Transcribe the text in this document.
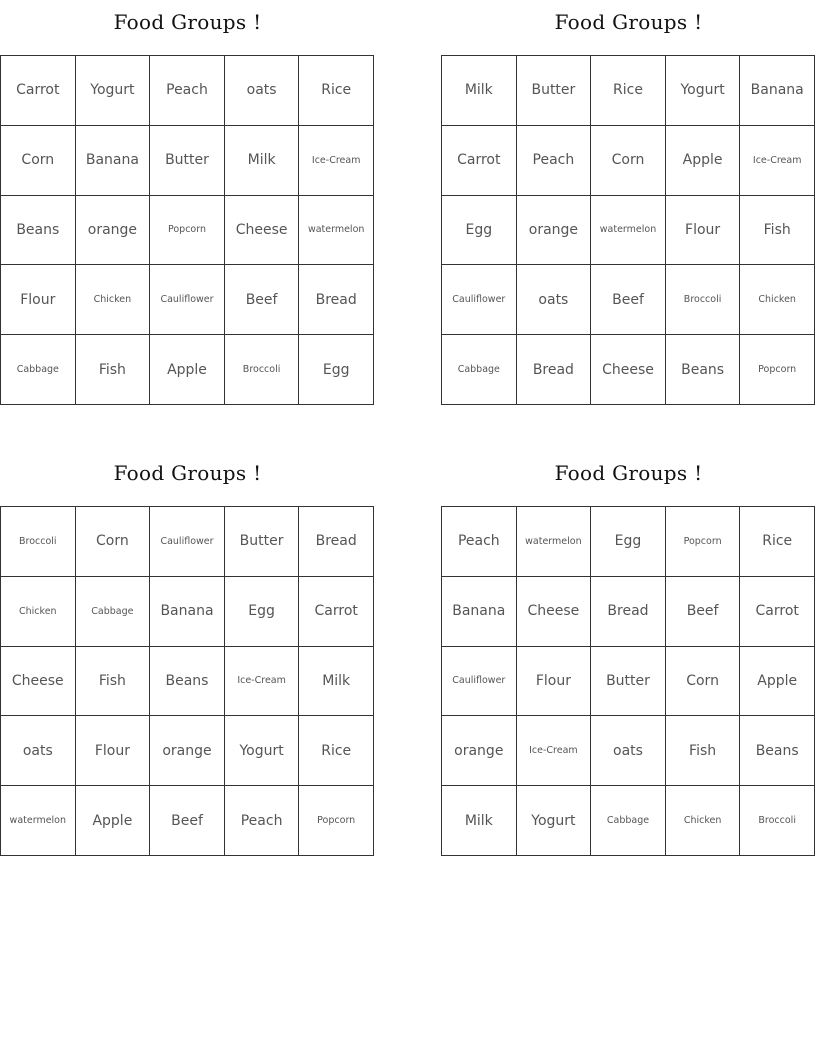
Food Groups !
Carrot	Yogurt	Peach	oats	Rice
Corn	Banana	Butter	Milk	Ice-Cream
Beans	orange	Popcorn	Cheese	watermelon
Flour	Chicken	Cauliflower	Beef	Bread
Cabbage	Fish	Apple	Broccoli	Egg
Food Groups !
Milk	Butter	Rice	Yogurt	Banana
Carrot	Peach	Corn	Apple	Ice-Cream
Egg	orange	watermelon	Flour	Fish
Cauliflower	oats	Beef	Broccoli	Chicken
Cabbage	Bread	Cheese	Beans	Popcorn
Food Groups !
Broccoli	Corn	Cauliflower	Butter	Bread
Chicken	Cabbage	Banana	Egg	Carrot
Cheese	Fish	Beans	Ice-Cream	Milk
oats	Flour	orange	Yogurt	Rice
watermelon	Apple	Beef	Peach	Popcorn
Food Groups !
Peach	watermelon	Egg	Popcorn	Rice
Banana	Cheese	Bread	Beef	Carrot
Cauliflower	Flour	Butter	Corn	Apple
orange	Ice-Cream	oats	Fish	Beans
Milk	Yogurt	Cabbage	Chicken	Broccoli
